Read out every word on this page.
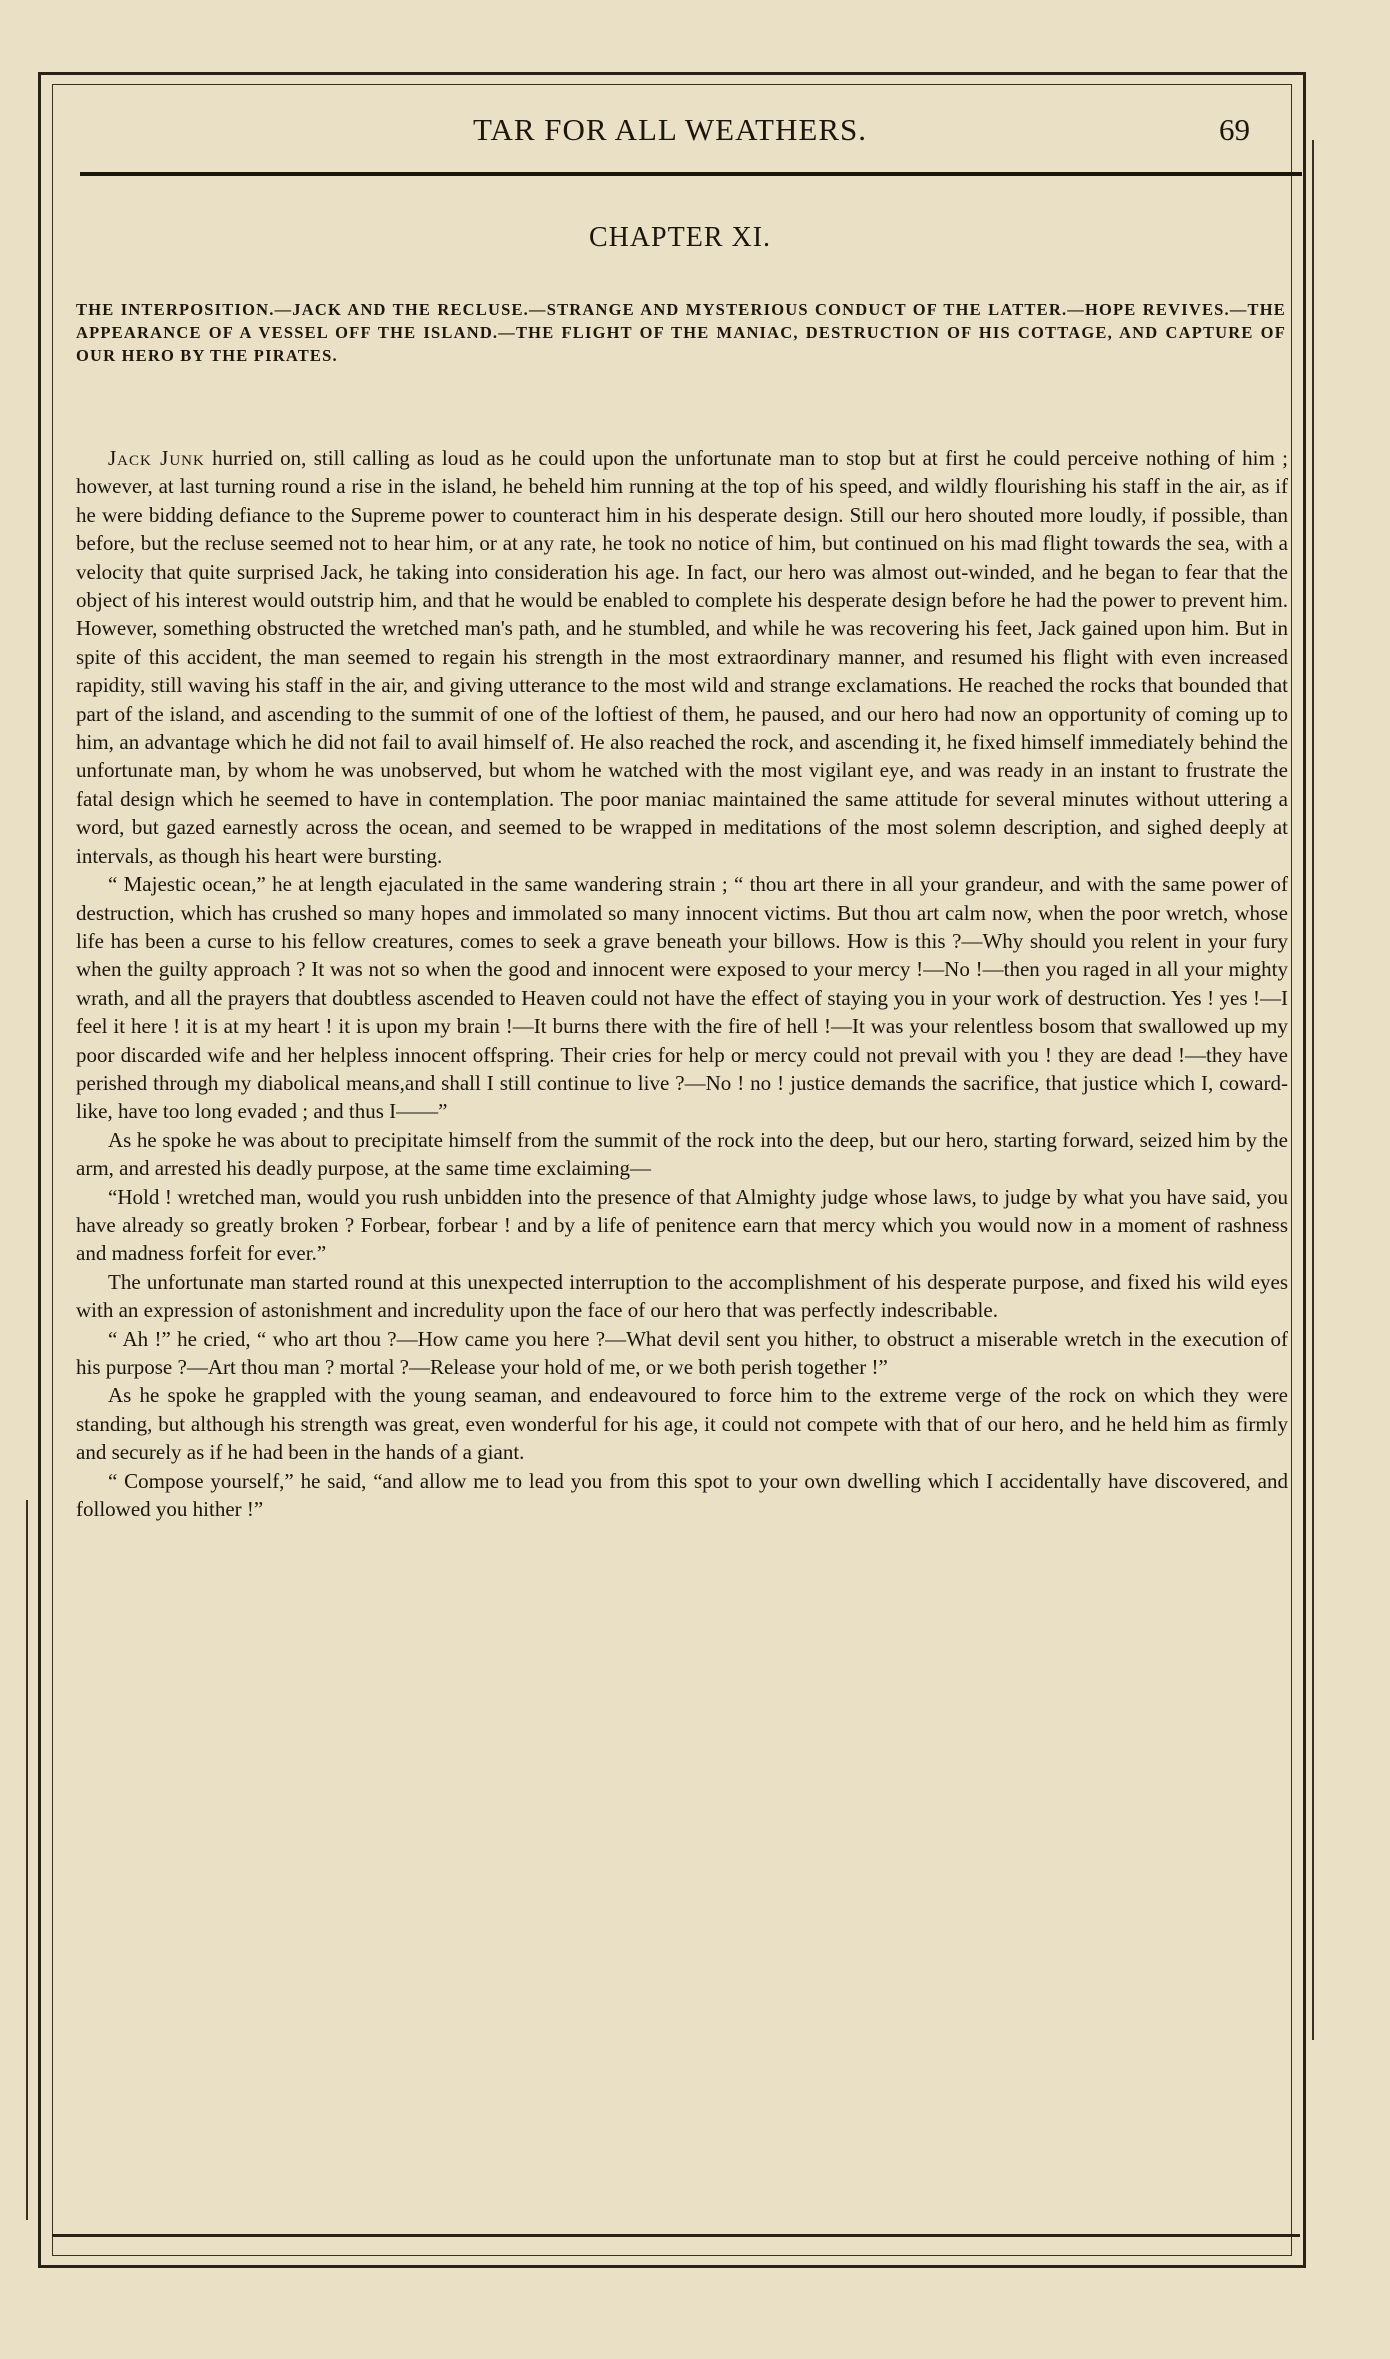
TAR FOR ALL WEATHERS.	69
CHAPTER XI.
THE INTERPOSITION.—JACK AND THE RECLUSE.—STRANGE AND MYSTERIOUS CONDUCT OF THE LATTER.—HOPE REVIVES.—THE APPEARANCE OF A VESSEL OFF THE ISLAND.—THE FLIGHT OF THE MANIAC, DESTRUCTION OF HIS COTTAGE, AND CAPTURE OF OUR HERO BY THE PIRATES.

Jack Junk hurried on, still calling as loud as he could upon the unfortunate man to stop but at first he could perceive nothing of him ; however, at last turning round a rise in the island, he beheld him running at the top of his speed, and wildly flourishing his staff in the air, as if he were bidding defiance to the Supreme power to counteract him in his desperate design. Still our hero shouted more loudly, if possible, than before, but the recluse seemed not to hear him, or at any rate, he took no notice of him, but continued on his mad flight towards the sea, with a velocity that quite surprised Jack, he taking into consideration his age. In fact, our hero was almost out-winded, and he began to fear that the object of his interest would outstrip him, and that he would be enabled to complete his desperate design before he had the power to prevent him. However, something obstructed the wretched man's path, and he stumbled, and while he was recovering his feet, Jack gained upon him. But in spite of this accident, the man seemed to regain his strength in the most extraordinary manner, and resumed his flight with even increased rapidity, still waving his staff in the air, and giving utterance to the most wild and strange exclamations. He reached the rocks that bounded that part of the island, and ascending to the summit of one of the loftiest of them, he paused, and our hero had now an opportunity of coming up to him, an advantage which he did not fail to avail himself of. He also reached the rock, and ascending it, he fixed himself immediately behind the unfortunate man, by whom he was unobserved, but whom he watched with the most vigilant eye, and was ready in an instant to frustrate the fatal design which he seemed to have in contemplation. The poor maniac maintained the same attitude for several minutes without uttering a word, but gazed earnestly across the ocean, and seemed to be wrapped in meditations of the most solemn description, and sighed deeply at intervals, as though his heart were bursting.

“ Majestic ocean,” he at length ejaculated in the same wandering strain ; “ thou art there in all your grandeur, and with the same power of destruction, which has crushed so many hopes and immolated so many innocent victims. But thou art calm now, when the poor wretch, whose life has been a curse to his fellow creatures, comes to seek a grave beneath your billows. How is this ?—Why should you relent in your fury when the guilty approach ? It was not so when the good and innocent were exposed to your mercy !—No !—then you raged in all your mighty wrath, and all the prayers that doubtless ascended to Heaven could not have the effect of staying you in your work of destruction. Yes ! yes !—I feel it here ! it is at my heart ! it is upon my brain !—It burns there with the fire of hell !—It was your relentless bosom that swallowed up my poor discarded wife and her helpless innocent offspring. Their cries for help or mercy could not prevail with you ! they are dead !—they have perished through my diabolical means,and shall I still continue to live ?—No ! no ! justice demands the sacrifice, that justice which I, coward-like, have too long evaded ; and thus I——”

As he spoke he was about to precipitate himself from the summit of the rock into the deep, but our hero, starting forward, seized him by the arm, and arrested his deadly purpose, at the same time exclaiming—

“Hold ! wretched man, would you rush unbidden into the presence of that Almighty judge whose laws, to judge by what you have said, you have already so greatly broken ? Forbear, forbear ! and by a life of penitence earn that mercy which you would now in a moment of rashness and madness forfeit for ever.”

The unfortunate man started round at this unexpected interruption to the accomplishment of his desperate purpose, and fixed his wild eyes with an expression of astonishment and incredulity upon the face of our hero that was perfectly indescribable.

“ Ah !” he cried, “ who art thou ?—How came you here ?—What devil sent you hither, to obstruct a miserable wretch in the execution of his purpose ?—Art thou man ? mortal ?—Release your hold of me, or we both perish together !”

As he spoke he grappled with the young seaman, and endeavoured to force him to the extreme verge of the rock on which they were standing, but although his strength was great, even wonderful for his age, it could not compete with that of our hero, and he held him as firmly and securely as if he had been in the hands of a giant.

“ Compose yourself,” he said, “and allow me to lead you from this spot to your own dwelling which I accidentally have discovered, and followed you hither !”
